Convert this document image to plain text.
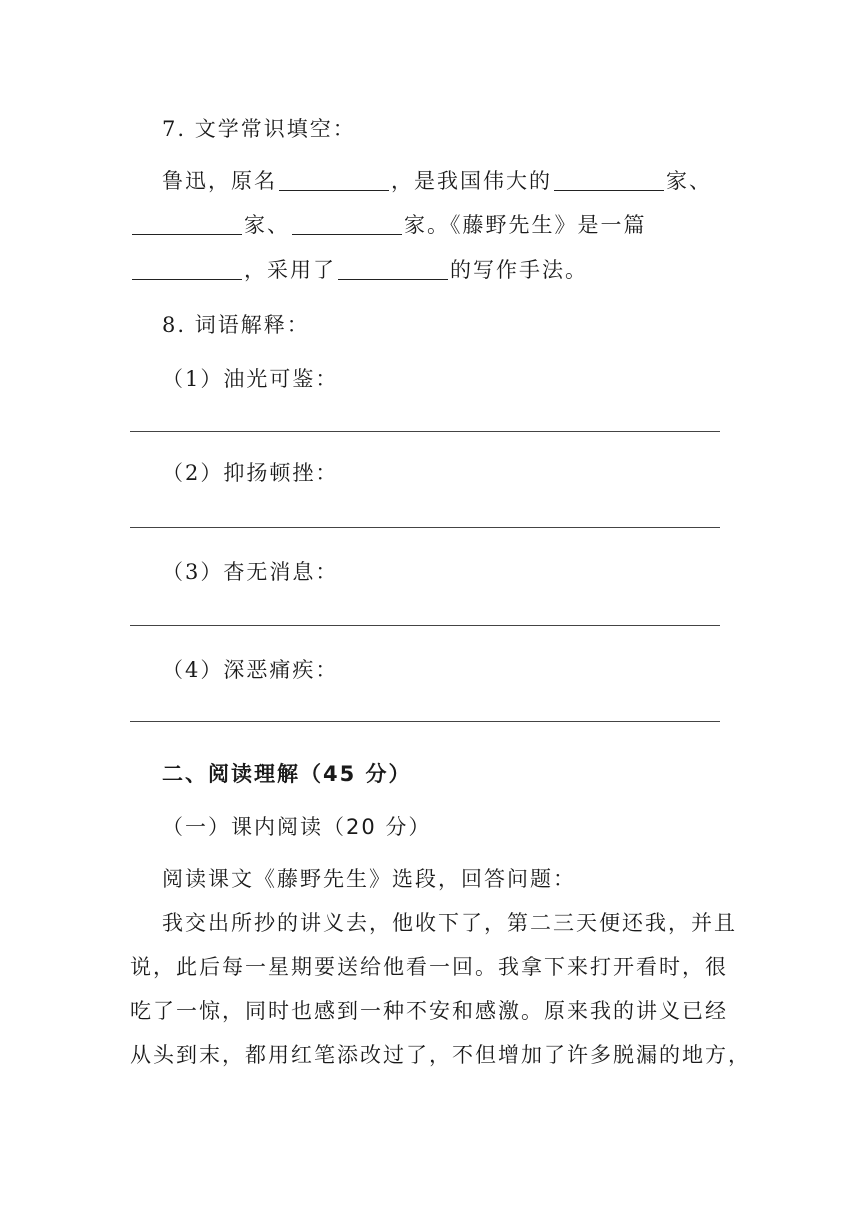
7. 文学常识填空：
鲁迅，原名	，是我国伟大的	家、
家、	家。《藤野先生》是一篇
，采用了	的写作手法。
8. 词语解释：
（1）油光可鉴：
（2）抑扬顿挫：
（3）杳无消息：
（4）深恶痛疾：
二、阅读理解（45 分）
（一）课内阅读（20 分）
阅读课文《藤野先生》选段，回答问题：
我交出所抄的讲义去，他收下了，第二三天便还我，并且
说，此后每一星期要送给他看一回。我拿下来打开看时，很
吃了一惊，同时也感到一种不安和感激。原来我的讲义已经
从头到末，都用红笔添改过了，不但增加了许多脱漏的地方，
